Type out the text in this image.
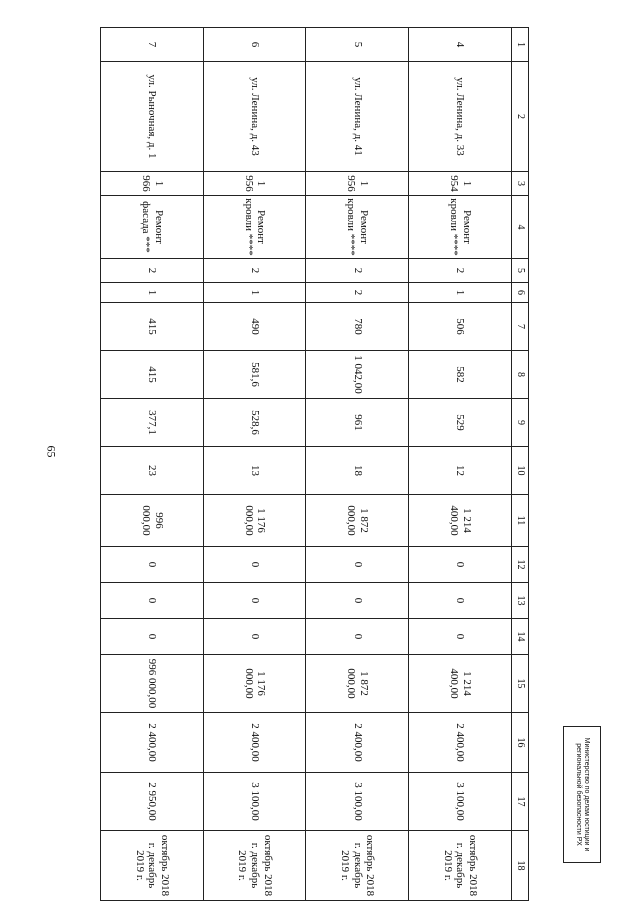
65
1	2	3	4	5	6	7	8	9	10	11	12	13	14	15	16	17	18
4	ул. Ленина, д. 33	1 954	Ремонт кровли ****	2	1	506	582	529	12	1 214 400,00	0	0	0	1 214 400,00	2 400,00	3 100,00	октябрь 2018 г. декабрь 2019 г.
5	ул. Ленина, д. 41	1 956	Ремонт кровли ****	2	2	780	1 042,00	961	18	1 872 000,00	0	0	0	1 872 000,00	2 400,00	3 100,00	октябрь 2018 г. декабрь 2019 г.
6	ул. Ленина, д. 43	1 956	Ремонт кровли ****	2	1	490	581,6	528,6	13	1 176 000,00	0	0	0	1 176 000,00	2 400,00	3 100,00	октябрь 2018 г. декабрь 2019 г.
7	ул. Рыночная, д. 1	1 966	Ремонт фасада ***	2	1	415	415	377,1	23	996 000,00	0	0	0	996 000,00	2 400,00	2 950,00	октябрь 2018 г. декабрь 2019 г.
Министерство по делам юстиции и региональной безопасности РХ
